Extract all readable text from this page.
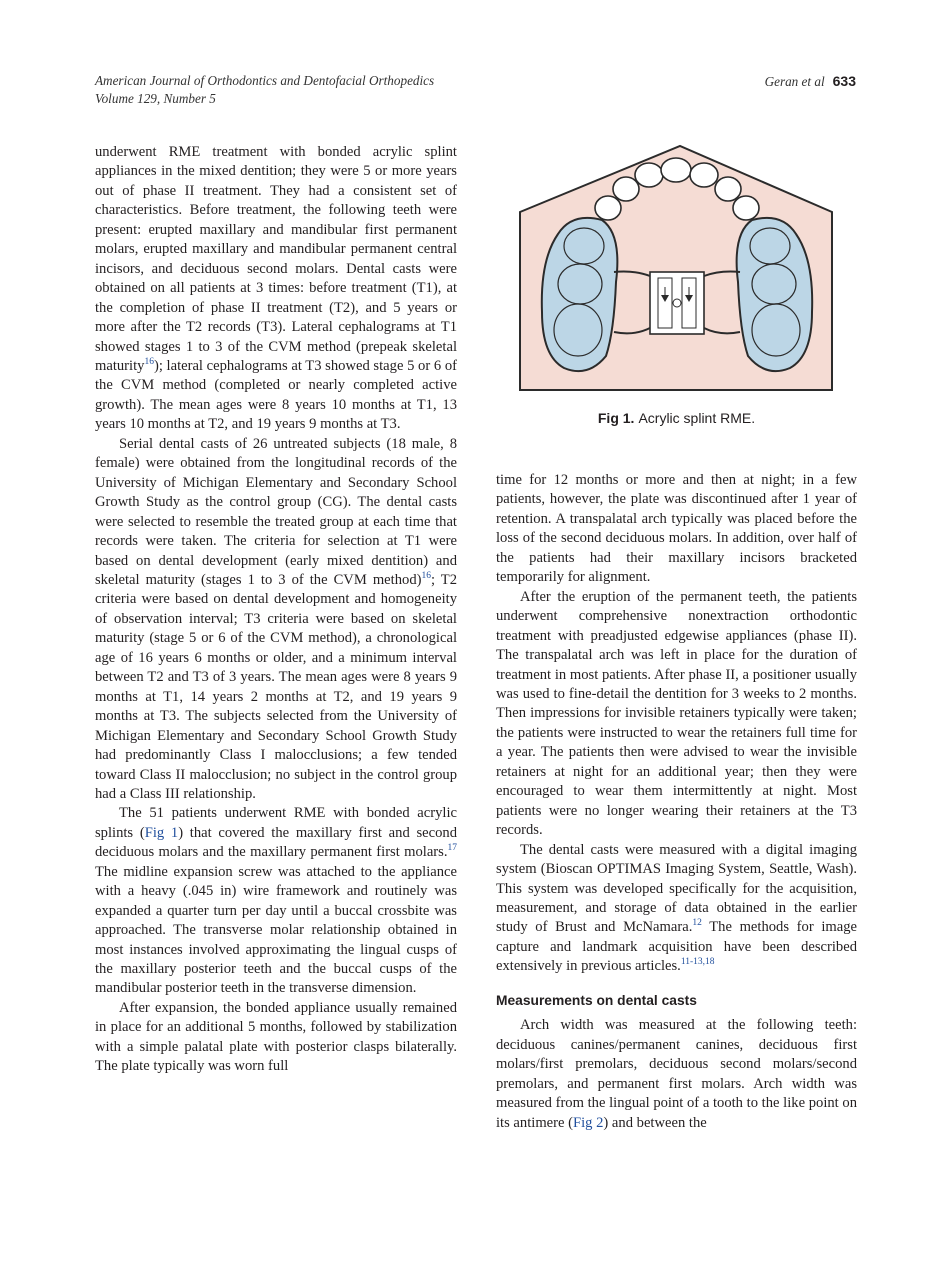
American Journal of Orthodontics and Dentofacial Orthopedics
Volume 129, Number 5
Geran et al 633

underwent RME treatment with bonded acrylic splint appliances in the mixed dentition; they were 5 or more years out of phase II treatment. They had a consistent set of characteristics. Before treatment, the following teeth were present: erupted maxillary and mandibular first permanent molars, erupted maxillary and mandibular permanent central incisors, and deciduous second molars. Dental casts were obtained on all patients at 3 times: before treatment (T1), at the completion of phase II treatment (T2), and 5 years or more after the T2 records (T3). Lateral cephalograms at T1 showed stages 1 to 3 of the CVM method (prepeak skeletal maturity$^{16}$); lateral cephalograms at T3 showed stage 5 or 6 of the CVM method (completed or nearly completed active growth). The mean ages were 8 years 10 months at T1, 13 years 10 months at T2, and 19 years 9 months at T3.

Serial dental casts of 26 untreated subjects (18 male, 8 female) were obtained from the longitudinal records of the University of Michigan Elementary and Secondary School Growth Study as the control group (CG). The dental casts were selected to resemble the treated group at each time that records were taken. The criteria for selection at T1 were based on dental development (early mixed dentition) and skeletal maturity (stages 1 to 3 of the CVM method)$^{16}$; T2 criteria were based on dental development and homogeneity of observation interval; T3 criteria were based on skeletal maturity (stage 5 or 6 of the CVM method), a chronological age of 16 years 6 months or older, and a minimum interval between T2 and T3 of 3 years. The mean ages were 8 years 9 months at T1, 14 years 2 months at T2, and 19 years 9 months at T3. The subjects selected from the University of Michigan Elementary and Secondary School Growth Study had predominantly Class I malocclusions; a few tended toward Class II malocclusion; no subject in the control group had a Class III relationship.

The 51 patients underwent RME with bonded acrylic splints (Fig 1) that covered the maxillary first and second deciduous molars and the maxillary permanent first molars.$^{17}$ The midline expansion screw was attached to the appliance with a heavy (.045 in) wire framework and routinely was expanded a quarter turn per day until a buccal crossbite was approached. The transverse molar relationship obtained in most instances involved approximating the lingual cusps of the maxillary posterior teeth and the buccal cusps of the mandibular posterior teeth in the transverse dimension.

After expansion, the bonded appliance usually remained in place for an additional 5 months, followed by stabilization with a simple palatal plate with posterior clasps bilaterally. The plate typically was worn full

Fig 1. Acrylic splint RME.

time for 12 months or more and then at night; in a few patients, however, the plate was discontinued after 1 year of retention. A transpalatal arch typically was placed before the loss of the second deciduous molars. In addition, over half of the patients had their maxillary incisors bracketed temporarily for alignment.

After the eruption of the permanent teeth, the patients underwent comprehensive nonextraction orthodontic treatment with preadjusted edgewise appliances (phase II). The transpalatal arch was left in place for the duration of treatment in most patients. After phase II, a positioner usually was used to fine-detail the dentition for 3 weeks to 2 months. Then impressions for invisible retainers typically were taken; the patients were instructed to wear the retainers full time for a year. The patients then were advised to wear the invisible retainers at night for an additional year; then they were encouraged to wear them intermittently at night. Most patients were no longer wearing their retainers at the T3 records.

The dental casts were measured with a digital imaging system (Bioscan OPTIMAS Imaging System, Seattle, Wash). This system was developed specifically for the acquisition, measurement, and storage of data obtained in the earlier study of Brust and McNamara.$^{12}$ The methods for image capture and landmark acquisition have been described extensively in previous articles.$^{11-13,18}$

Measurements on dental casts

Arch width was measured at the following teeth: deciduous canines/permanent canines, deciduous first molars/first premolars, deciduous second molars/second premolars, and permanent first molars. Arch width was measured from the lingual point of a tooth to the like point on its antimere (Fig 2) and between the
